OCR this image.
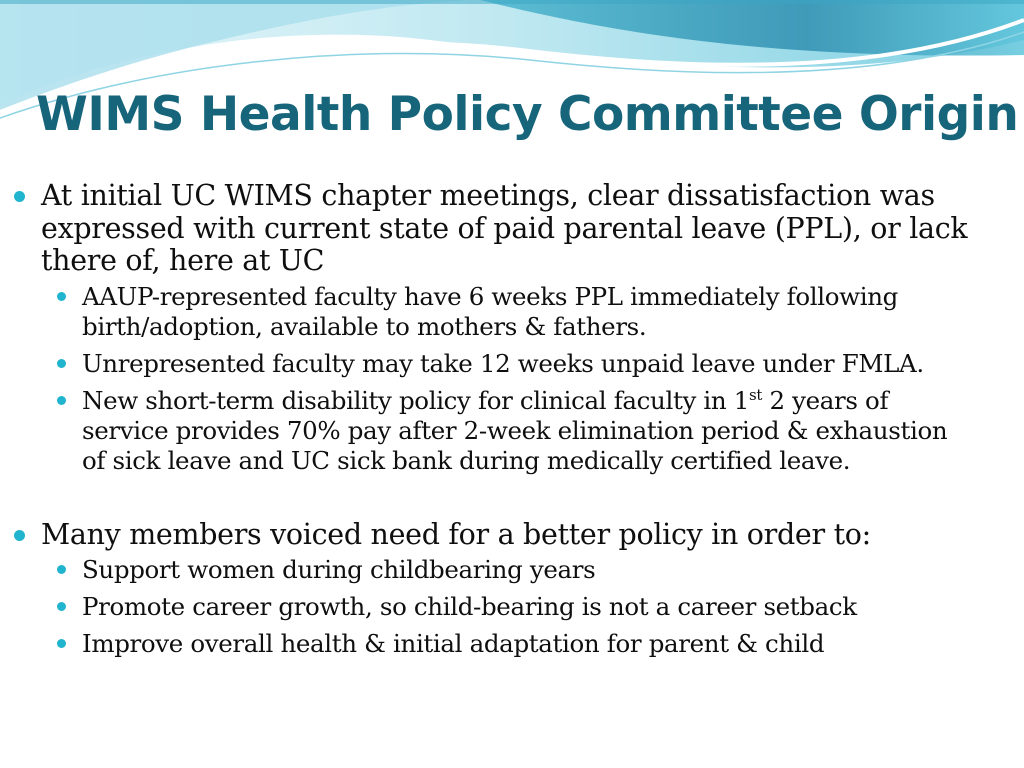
WIMS Health Policy Committee Origin
At initial UC WIMS chapter meetings, clear dissatisfaction was expressed with current state of paid parental leave (PPL), or lack there of, here at UC
AAUP-represented faculty have 6 weeks PPL immediately following birth/adoption, available to mothers & fathers.
Unrepresented faculty may take 12 weeks unpaid leave under FMLA.
New short-term disability policy for clinical faculty in 1st 2 years of service provides 70% pay after 2-week elimination period & exhaustion of sick leave and UC sick bank during medically certified leave.
Many members voiced need for a better policy in order to:
Support women during childbearing years
Promote career growth, so child-bearing is not a career setback
Improve overall health & initial adaptation for parent & child
